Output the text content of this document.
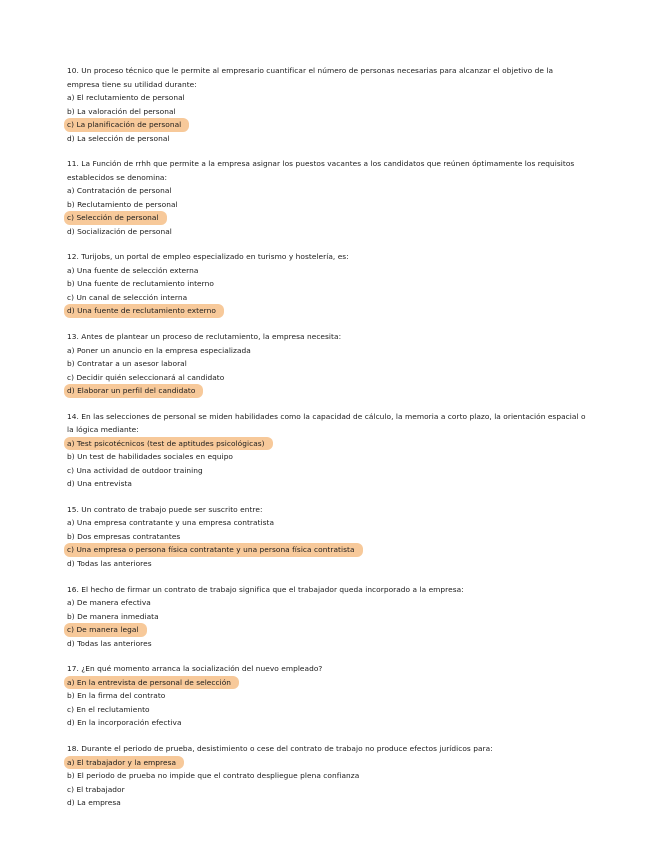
10. Un proceso técnico que le permite al empresario cuantificar el número de personas necesarias para alcanzar el objetivo de la empresa tiene su utilidad durante:

a) El reclutamiento de personal

b) La valoración del personal

c) La planificación de personal

d) La selección de personal

11. La Función de rrhh que permite a la empresa asignar los puestos vacantes a los candidatos que reúnen óptimamente los requisitos establecidos se denomina:

a) Contratación de personal

b) Reclutamiento de personal

c) Selección de personal

d) Socialización de personal

12. Turijobs, un portal de empleo especializado en turismo y hostelería, es:

a) Una fuente de selección externa

b) Una fuente de reclutamiento interno

c) Un canal de selección interna

d) Una fuente de reclutamiento externo

13. Antes de plantear un proceso de reclutamiento, la empresa necesita:

a) Poner un anuncio en la empresa especializada

b) Contratar a un asesor laboral

c) Decidir quién seleccionará al candidato

d) Elaborar un perfil del candidato

14. En las selecciones de personal se miden habilidades como la capacidad de cálculo, la memoria a corto plazo, la orientación espacial o la lógica mediante:

a) Test psicotécnicos (test de aptitudes psicológicas)

b) Un test de habilidades sociales en equipo

c) Una actividad de outdoor training

d) Una entrevista

15. Un contrato de trabajo puede ser suscrito entre:

a) Una empresa contratante y una empresa contratista

b) Dos empresas contratantes

c) Una empresa o persona física contratante y una persona física contratista

d) Todas las anteriores

16. El hecho de firmar un contrato de trabajo significa que el trabajador queda incorporado a la empresa:

a) De manera efectiva

b) De manera inmediata

c) De manera legal

d) Todas las anteriores

17. ¿En qué momento arranca la socialización del nuevo empleado?

a) En la entrevista de personal de selección

b) En la firma del contrato

c) En el reclutamiento

d) En la incorporación efectiva

18. Durante el periodo de prueba, desistimiento o cese del contrato de trabajo no produce efectos jurídicos para:

a) El trabajador y la empresa

b) El periodo de prueba no impide que el contrato despliegue plena confianza

c) El trabajador

d) La empresa
